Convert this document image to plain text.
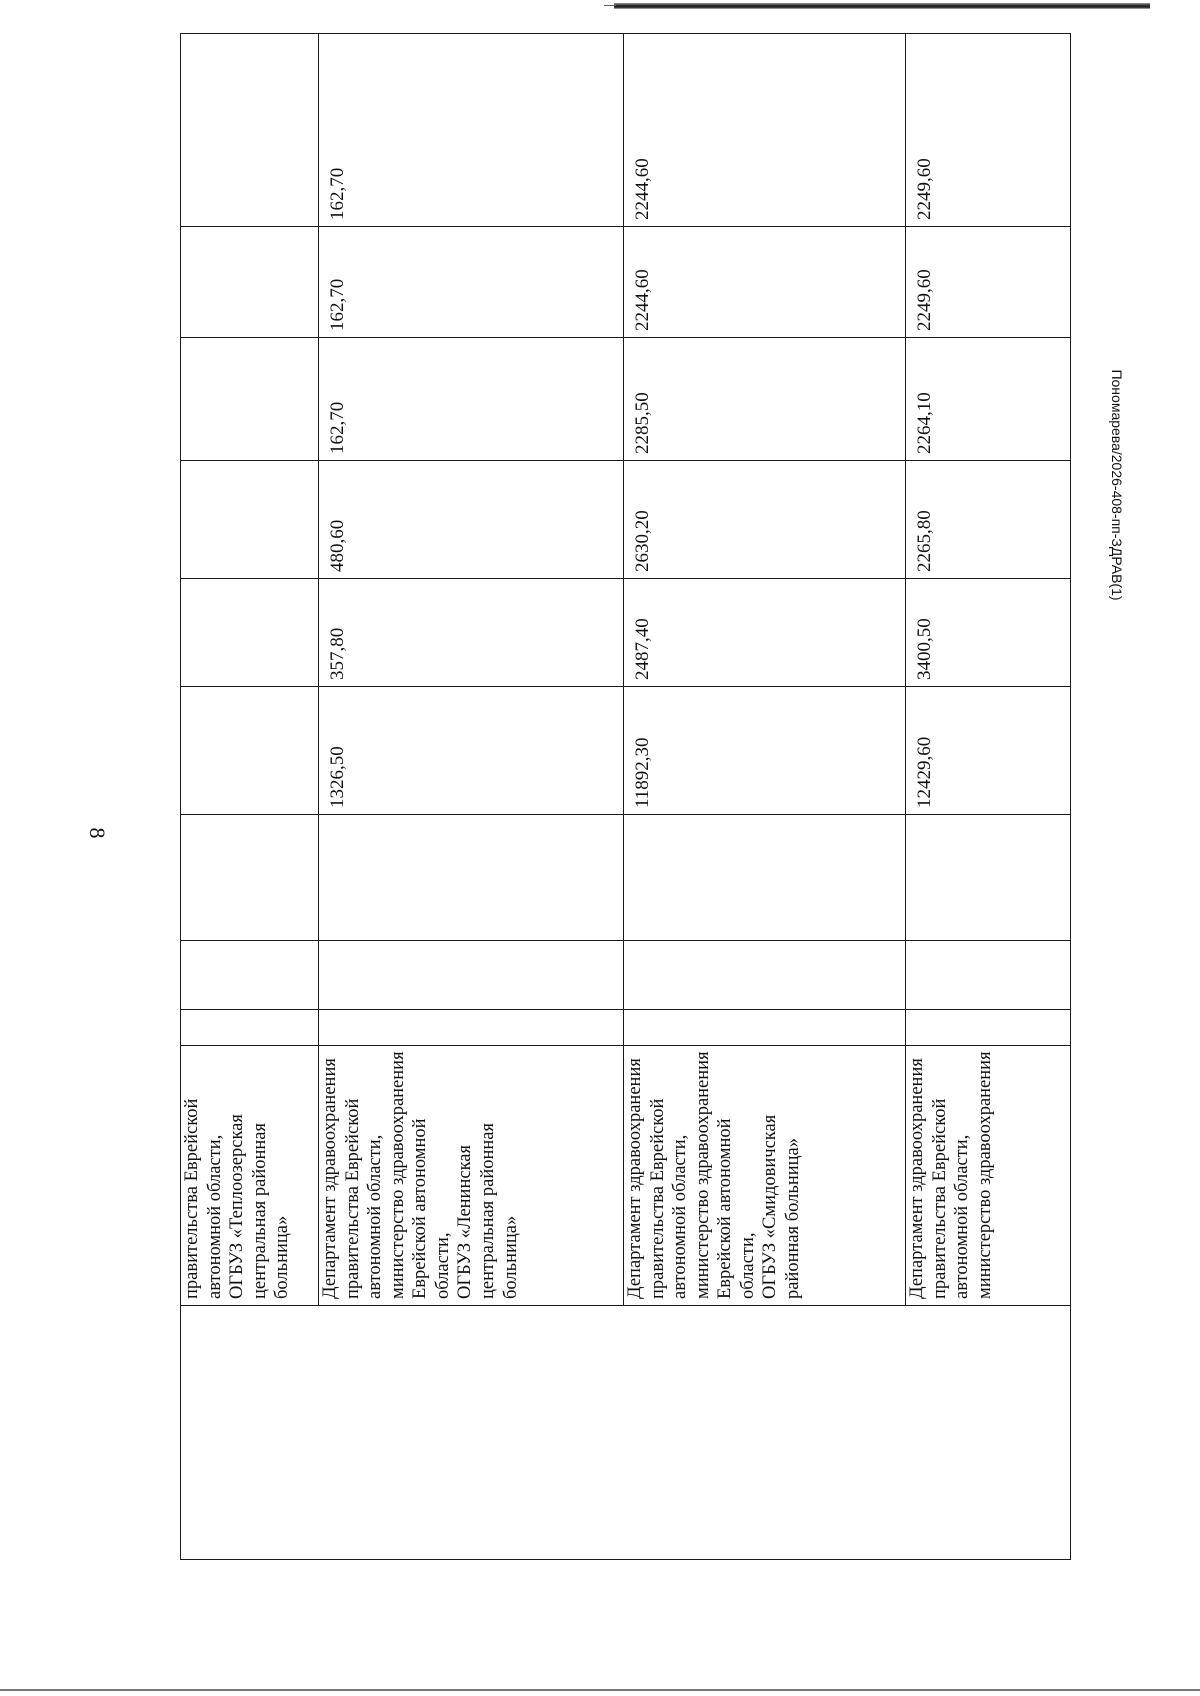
8

	правительства Еврейской автономной области,
ОГБУЗ «Теплоозерская центральная районная больница»									

	Департамент здравоохранения правительства Еврейской автономной области,
министерство здравоохранения Еврейской автономной области,
ОГБУЗ «Ленинская центральная районная больница»				1326,50	357,80	480,60	162,70	162,70	162,70

	Департамент здравоохранения правительства Еврейской автономной области,
министерство здравоохранения Еврейской автономной области,
ОГБУЗ «Смидовичская районная больница»				11892,30	2487,40	2630,20	2285,50	2244,60	2244,60

	Департамент здравоохранения правительства Еврейской автономной области,
министерство здравоохранения				12429,60	3400,50	2265,80	2264,10	2249,60	2249,60
Пономарева/2026-408-пп-ЗДРАВ(1)
